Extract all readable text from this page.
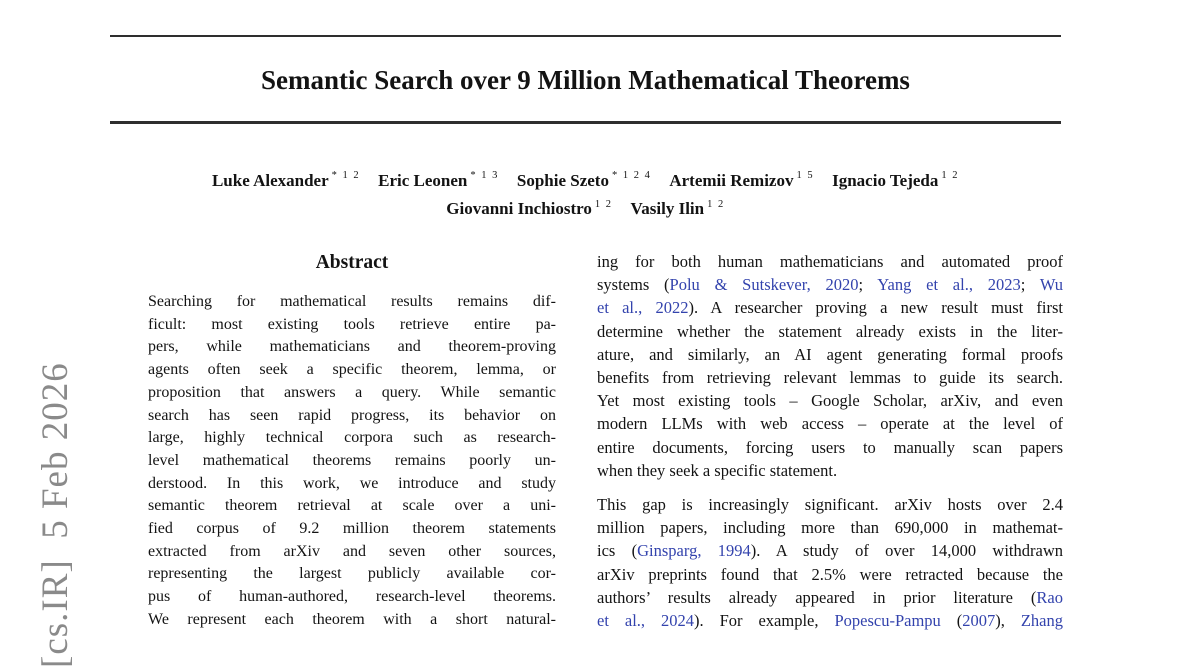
[cs.IR]  5 Feb 2026
Semantic Search over 9 Million Mathematical Theorems
Luke Alexander $^{* 1 2}$ Eric Leonen $^{* 1 3}$ Sophie Szeto $^{* 1 2 4}$ Artemii Remizov $^{1 5}$ Ignacio Tejeda $^{1 2}$
Giovanni Inchiostro $^{1 2}$ Vasily Ilin $^{1 2}$
Abstract
Searching for mathematical results remains dif-
ficult: most existing tools retrieve entire pa-
pers, while mathematicians and theorem-proving
agents often seek a specific theorem, lemma, or
proposition that answers a query. While semantic
search has seen rapid progress, its behavior on
large, highly technical corpora such as research-
level mathematical theorems remains poorly un-
derstood. In this work, we introduce and study
semantic theorem retrieval at scale over a uni-
fied corpus of 9.2 million theorem statements
extracted from arXiv and seven other sources,
representing the largest publicly available cor-
pus of human-authored, research-level theorems.
We represent each theorem with a short natural-
ing for both human mathematicians and automated proof
systems (Polu & Sutskever, 2020; Yang et al., 2023; Wu
et al., 2022). A researcher proving a new result must first
determine whether the statement already exists in the liter-
ature, and similarly, an AI agent generating formal proofs
benefits from retrieving relevant lemmas to guide its search.
Yet most existing tools – Google Scholar, arXiv, and even
modern LLMs with web access – operate at the level of
entire documents, forcing users to manually scan papers
when they seek a specific statement.
This gap is increasingly significant. arXiv hosts over 2.4
million papers, including more than 690,000 in mathemat-
ics (Ginsparg, 1994). A study of over 14,000 withdrawn
arXiv preprints found that 2.5% were retracted because the
authors’ results already appeared in prior literature (Rao
et al., 2024). For example, Popescu-Pampu (2007), Zhang
